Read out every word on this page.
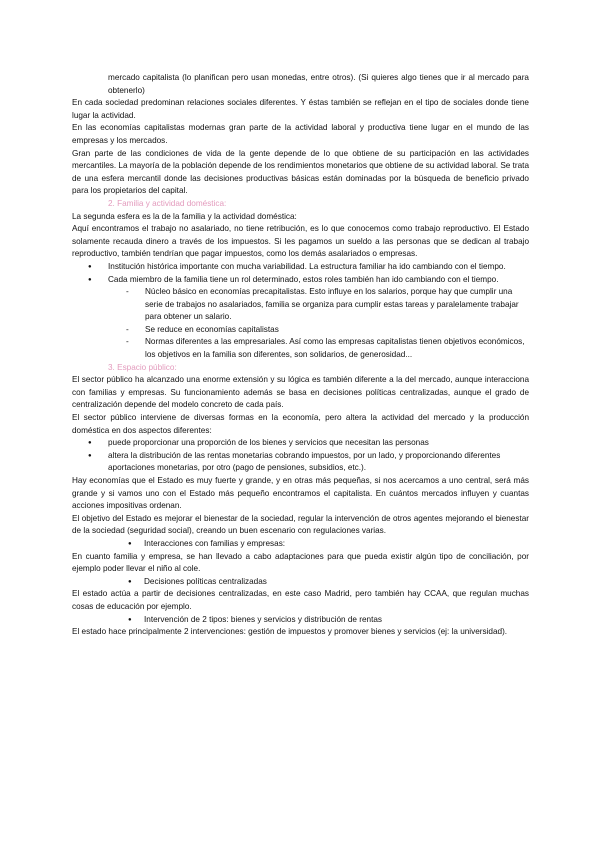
mercado capitalista (lo planifican pero usan monedas, entre otros). (Si quieres algo tienes que ir al mercado para obtenerlo)

En cada sociedad predominan relaciones sociales diferentes. Y éstas también se reflejan en el tipo de sociales donde tiene lugar la actividad.

En las economías capitalistas modernas gran parte de la actividad laboral y productiva tiene lugar en el mundo de las empresas y los mercados.

Gran parte de las condiciones de vida de la gente depende de lo que obtiene de su participación en las actividades mercantiles. La mayoría de la población depende de los rendimientos monetarios que obtiene de su actividad laboral. Se trata de una esfera mercantil donde las decisiones productivas básicas están dominadas por la búsqueda de beneficio privado para los propietarios del capital.

2. Familia y actividad doméstica:

La segunda esfera es la de la familia y la actividad doméstica:

Aquí encontramos el trabajo no asalariado, no tiene retribución, es lo que conocemos como trabajo reproductivo. El Estado solamente recauda dinero a través de los impuestos. Si les pagamos un sueldo a las personas que se dedican al trabajo reproductivo, también tendrían que pagar impuestos, como los demás asalariados o empresas.

● Institución histórica importante con mucha variabilidad. La estructura familiar ha ido cambiando con el tiempo.
● Cada miembro de la familia tiene un rol determinado, estos roles también han ido cambiando con el tiempo.
- Núcleo básico en economías precapitalistas. Esto influye en los salarios, porque hay que cumplir una serie de trabajos no asalariados, familia se organiza para cumplir estas tareas y paralelamente trabajar para obtener un salario.
- Se reduce en economías capitalistas
- Normas diferentes a las empresariales. Así como las empresas capitalistas tienen objetivos económicos, los objetivos en la familia son diferentes, son solidarios, de generosidad...

3. Espacio público:

El sector público ha alcanzado una enorme extensión y su lógica es también diferente a la del mercado, aunque interacciona con familias y empresas. Su funcionamiento además se basa en decisiones políticas centralizadas, aunque el grado de centralización depende del modelo concreto de cada país.

El sector público interviene de diversas formas en la economía, pero altera la actividad del mercado y la producción doméstica en dos aspectos diferentes:

● puede proporcionar una proporción de los bienes y servicios que necesitan las personas
● altera la distribución de las rentas monetarias cobrando impuestos, por un lado, y proporcionando diferentes aportaciones monetarias, por otro (pago de pensiones, subsidios, etc.).

Hay economías que el Estado es muy fuerte y grande, y en otras más pequeñas, si nos acercamos a uno central, será más grande y si vamos uno con el Estado más pequeño encontramos el capitalista. En cuántos mercados influyen y cuantas acciones impositivas ordenan.

El objetivo del Estado es mejorar el bienestar de la sociedad, regular la intervención de otros agentes mejorando el bienestar de la sociedad (seguridad social), creando un buen escenario con regulaciones varias.

● Interacciones con familias y empresas:

En cuanto familia y empresa, se han llevado a cabo adaptaciones para que pueda existir algún tipo de conciliación, por ejemplo poder llevar el niño al cole.

● Decisiones políticas centralizadas

El estado actúa a partir de decisiones centralizadas, en este caso Madrid, pero también hay CCAA, que regulan muchas cosas de educación por ejemplo.

● Intervención de 2 tipos: bienes y servicios y distribución de rentas

El estado hace principalmente 2 intervenciones: gestión de impuestos y promover bienes y servicios (ej: la universidad).
